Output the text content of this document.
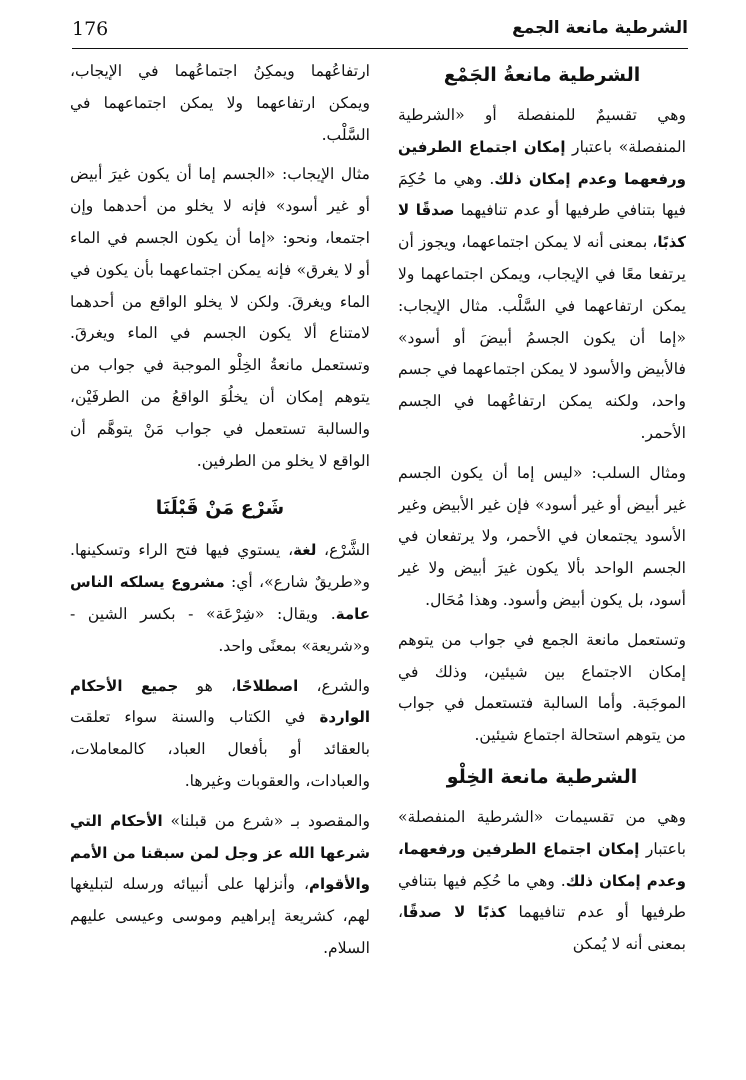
176	الشرطية مانعة الجمع
الشرطية مانعةُ الجَمْع

وهي تقسيمٌ للمنفصلة أو «الشرطية المنفصلة» باعتبار إمكان اجتماع الطرفين ورفعهما وعدم إمكان ذلك. وهي ما حُكِمَ فيها بتنافي طرفيها أو عدم تنافيهما صدقًا لا كذبًا، بمعنى أنه لا يمكن اجتماعهما، ويجوز أن يرتفعا معًا في الإيجاب، ويمكن اجتماعهما ولا يمكن ارتفاعهما في السَّلْب. مثال الإيجاب: «إما أن يكون الجسمُ أبيضَ أو أسود» فالأبيض والأسود لا يمكن اجتماعهما في جسم واحد، ولكنه يمكن ارتفاعُهما في الجسم الأحمر.

ومثال السلب: «ليس إما أن يكون الجسم غير أبيض أو غير أسود» فإن غير الأبيض وغير الأسود يجتمعان في الأحمر، ولا يرتفعان في الجسم الواحد بألا يكون غيرَ أبيض ولا غير أسود، بل يكون أبيض وأسود. وهذا مُحَال.

وتستعمل مانعة الجمع في جواب من يتوهم إمكان الاجتماع بين شيئين، وذلك في الموجَبة. وأما السالبة فتستعمل في جواب من يتوهم استحالة اجتماع شيئين.

الشرطية مانعة الخِلْو

وهي من تقسيمات «الشرطية المنفصلة» باعتبار إمكان اجتماع الطرفين ورفعهما، وعدم إمكان ذلك. وهي ما حُكِم فيها بتنافي طرفيها أو عدم تنافيهما كذبًا لا صدقًا، بمعنى أنه لا يُمكن

ارتفاعُهما ويمكِنُ اجتماعُهما في الإيجاب، ويمكن ارتفاعهما ولا يمكن اجتماعهما في السَّلْب.

مثال الإيجاب: «الجسم إما أن يكون غيرَ أبيض أو غير أسود» فإنه لا يخلو من أحدهما وإن اجتمعا، ونحو: «إما أن يكون الجسم في الماء أو لا يغرق» فإنه يمكن اجتماعهما بأن يكون في الماء ويغرقَ. ولكن لا يخلو الواقع من أحدهما لامتناع ألا يكون الجسم في الماء ويغرقَ. وتستعمل مانعةُ الخِلْو الموجبة في جواب من يتوهم إمكان أن يخلُوَ الواقعُ من الطرفَيْن، والسالبة تستعمل في جواب مَنْ يتوهَّم أن الواقع لا يخلو من الطرفين.

شَرْع مَنْ قَبْلَنَا

الشَّرْع، لغة، يستوي فيها فتح الراء وتسكينها. و«طريقٌ شارع»، أي: مشروع يسلكه الناس عامة. ويقال: «شِرْعَة» - بكسر الشين - و«شريعة» بمعنًى واحد.

والشرع، اصطلاحًا، هو جميع الأحكام الواردة في الكتاب والسنة سواء تعلقت بالعقائد أو بأفعال العباد، كالمعاملات، والعبادات، والعقوبات وغيرها.

والمقصود بـ «شرع من قبلنا» الأحكام التي شرعها الله عز وجل لمن سبقنا من الأمم والأقوام، وأنزلها على أنبيائه ورسله لتبليغها لهم، كشريعة إبراهيم وموسى وعيسى عليهم السلام.
